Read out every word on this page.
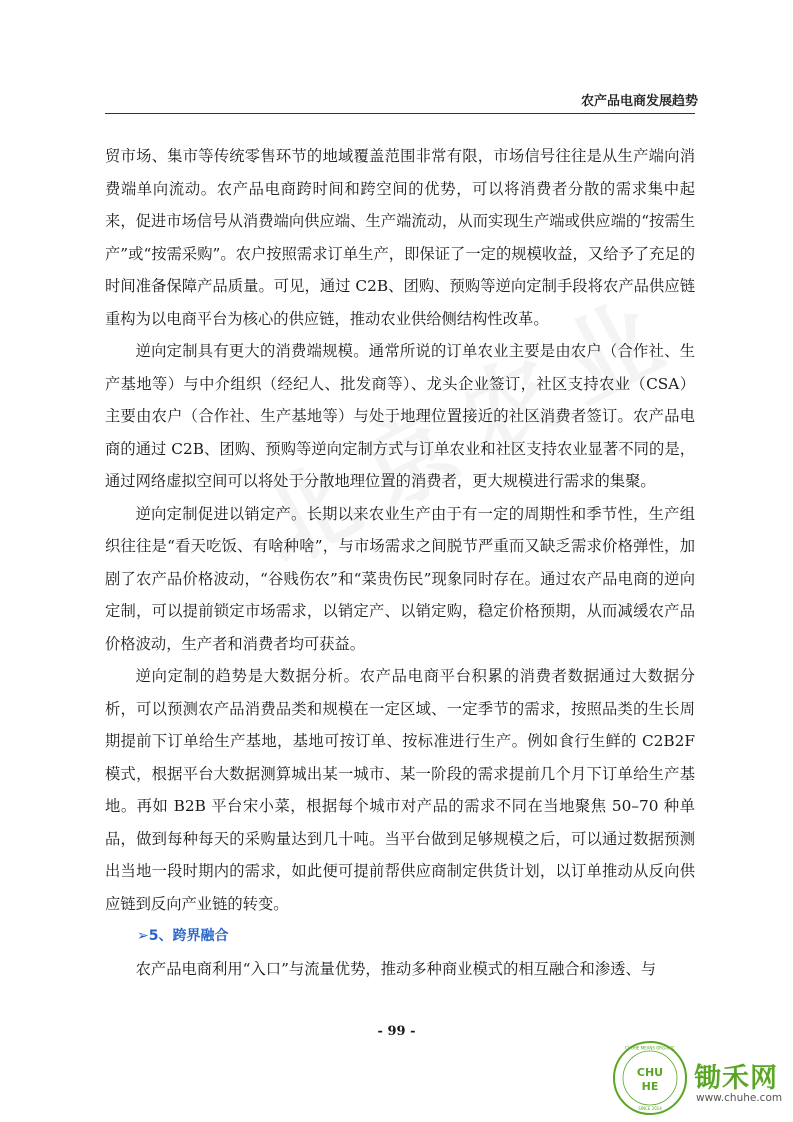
农产品电商发展趋势

贸市场、集市等传统零售环节的地域覆盖范围非常有限，市场信号往往是从生产端向消费端单向流动。农产品电商跨时间和跨空间的优势，可以将消费者分散的需求集中起来，促进市场信号从消费端向供应端、生产端流动，从而实现生产端或供应端的“按需生产”或“按需采购”。农户按照需求订单生产，即保证了一定的规模收益，又给予了充足的时间准备保障产品质量。可见，通过 C2B、团购、预购等逆向定制手段将农产品供应链重构为以电商平台为核心的供应链，推动农业供给侧结构性改革。

逆向定制具有更大的消费端规模。通常所说的订单农业主要是由农户（合作社、生产基地等）与中介组织（经纪人、批发商等）、龙头企业签订，社区支持农业（CSA）主要由农户（合作社、生产基地等）与处于地理位置接近的社区消费者签订。农产品电商的通过 C2B、团购、预购等逆向定制方式与订单农业和社区支持农业显著不同的是，通过网络虚拟空间可以将处于分散地理位置的消费者，更大规模进行需求的集聚。

逆向定制促进以销定产。长期以来农业生产由于有一定的周期性和季节性，生产组织往往是“看天吃饭、有啥种啥”，与市场需求之间脱节严重而又缺乏需求价格弹性，加剧了农产品价格波动，“谷贱伤农”和“菜贵伤民”现象同时存在。通过农产品电商的逆向定制，可以提前锁定市场需求，以销定产、以销定购，稳定价格预期，从而减缓农产品价格波动，生产者和消费者均可获益。

逆向定制的趋势是大数据分析。农产品电商平台积累的消费者数据通过大数据分析，可以预测农产品消费品类和规模在一定区域、一定季节的需求，按照品类的生长周期提前下订单给生产基地，基地可按订单、按标准进行生产。例如食行生鲜的 C2B2F模式，根据平台大数据测算城出某一城市、某一阶段的需求提前几个月下订单给生产基地。再如 B2B 平台宋小菜，根据每个城市对产品的需求不同在当地聚焦 50–70 种单品，做到每种每天的采购量达到几十吨。当平台做到足够规模之后，可以通过数据预测出当地一段时期内的需求，如此便可提前帮供应商制定供货计划，以订单推动从反向供应链到反向产业链的转变。

➢5、跨界融合

农产品电商利用“入口”与流量优势，推动多种商业模式的相互融合和渗透、与

- 99 -
CHU
HE
CHUHE MEANS ORGANIC
SINCE 2014
锄禾网
www.chuhe.com
